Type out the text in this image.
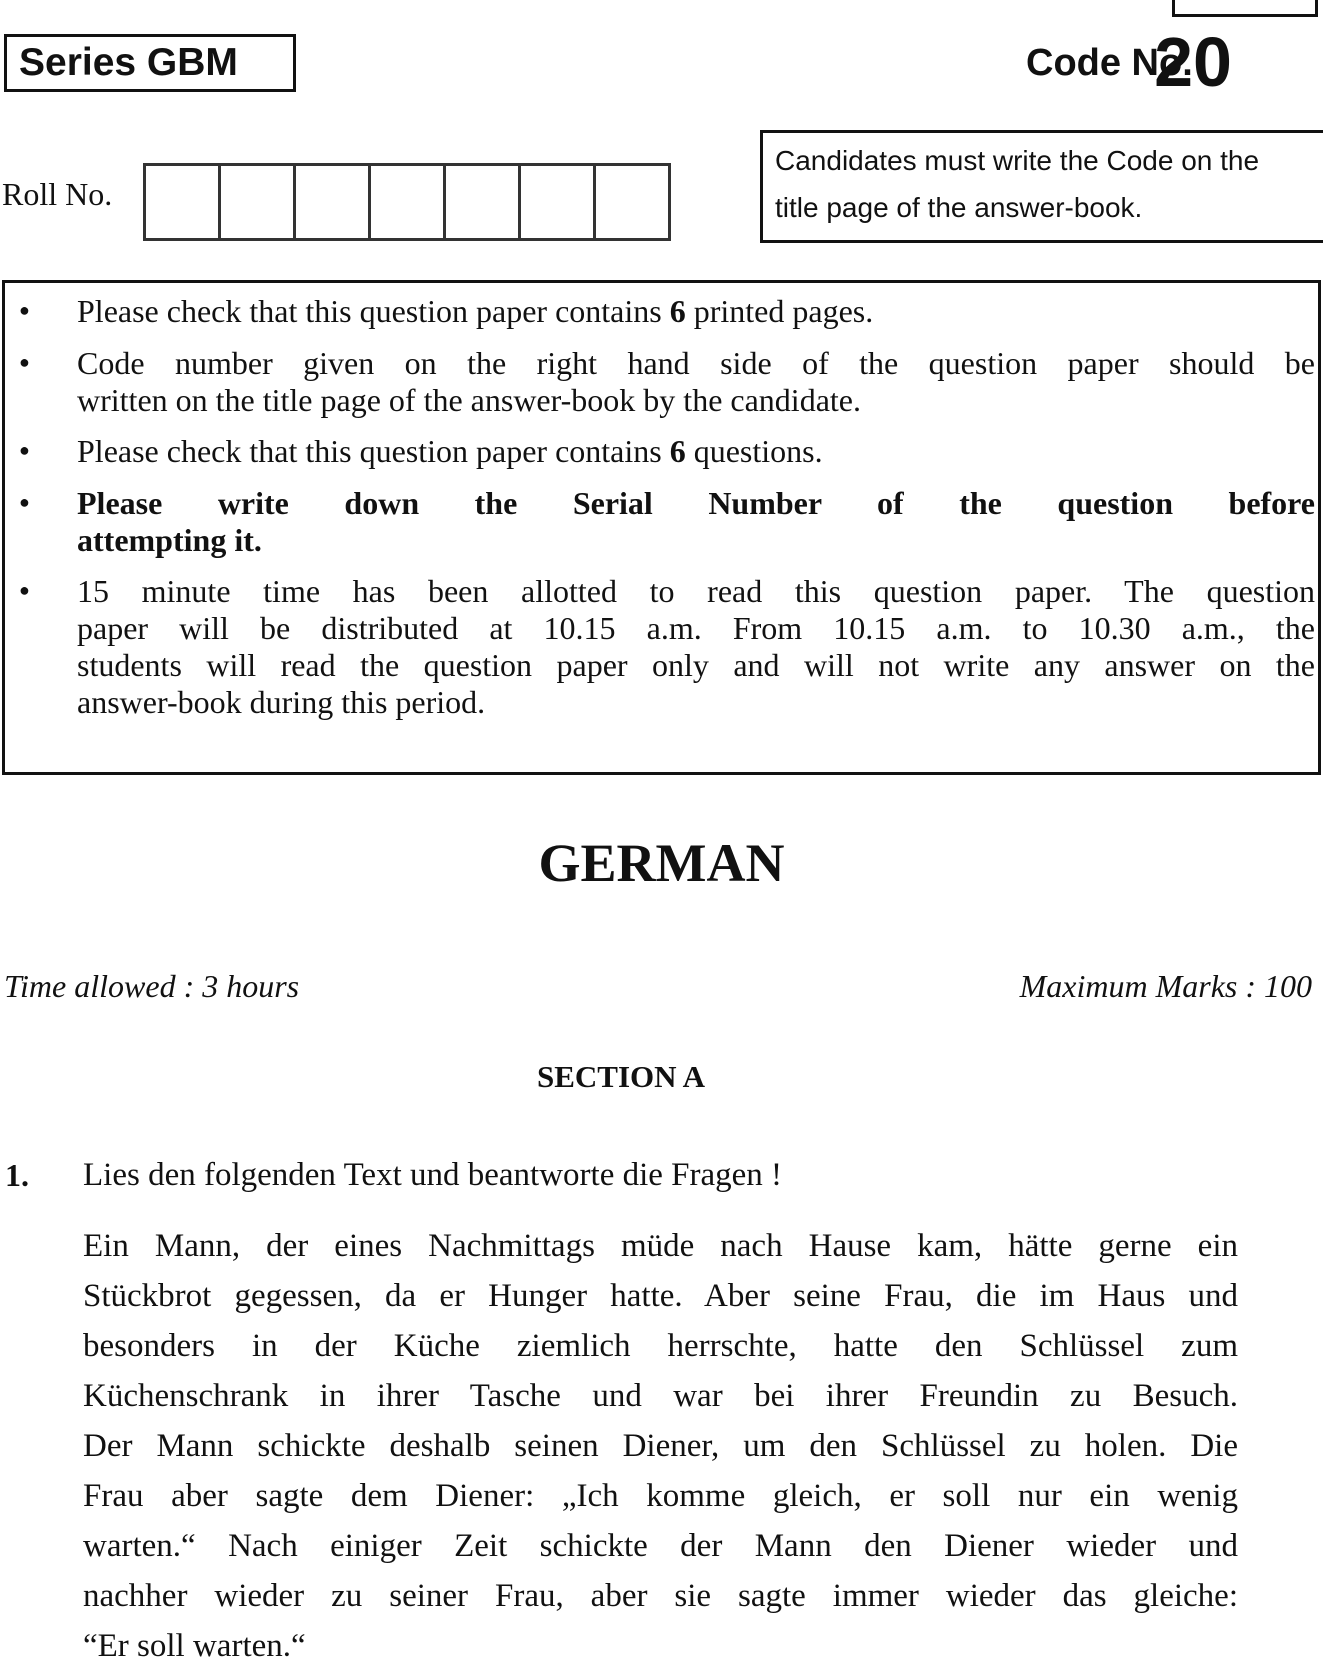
Series GBM	Code No.
20
Roll No.
Candidates must write the Code on the
title page of the answer-book.
● Please check that this question paper contains 6 printed pages.
● Code number given on the right hand side of the question paper should be
written on the title page of the answer-book by the candidate.
● Please check that this question paper contains 6 questions.
● Please write down the Serial Number of the question before
attempting it.
● 15 minute time has been allotted to read this question paper. The question
paper will be distributed at 10.15 a.m. From 10.15 a.m. to 10.30 a.m., the
students will read the question paper only and will not write any answer on the
answer-book during this period.
GERMAN
Time allowed : 3 hours	Maximum Marks : 100
SECTION A
1. Lies den folgenden Text und beantworte die Fragen !
Ein Mann, der eines Nachmittags müde nach Hause kam, hätte gerne ein
Stückbrot gegessen, da er Hunger hatte. Aber seine Frau, die im Haus und
besonders in der Küche ziemlich herrschte, hatte den Schlüssel zum
Küchenschrank in ihrer Tasche und war bei ihrer Freundin zu Besuch.
Der Mann schickte deshalb seinen Diener, um den Schlüssel zu holen. Die
Frau aber sagte dem Diener: „Ich komme gleich, er soll nur ein wenig
warten.“ Nach einiger Zeit schickte der Mann den Diener wieder und
nachher wieder zu seiner Frau, aber sie sagte immer wieder das gleiche:
“Er soll warten.“
